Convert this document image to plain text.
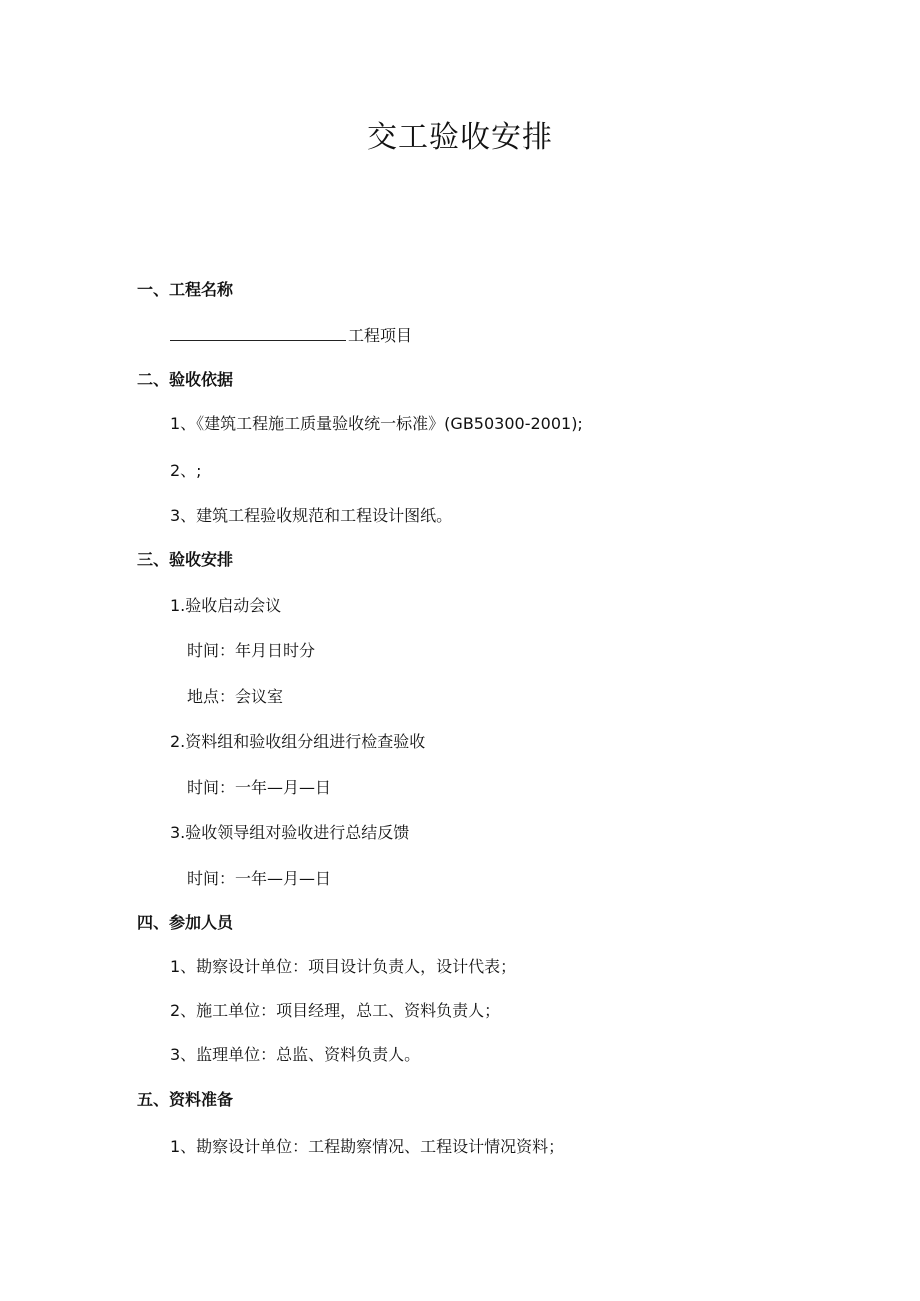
交工验收安排
一、工程名称
工程项目
二、验收依据
1、《建筑工程施工质量验收统一标准》(GB50300-2001);
2、;
3、建筑工程验收规范和工程设计图纸。
三、验收安排
1.验收启动会议
时间：年月日时分
地点：会议室
2.资料组和验收组分组进行检查验收
时间：一年—月—日
3.验收领导组对验收进行总结反馈
时间：一年—月—日
四、参加人员
1、勘察设计单位：项目设计负责人，设计代表；
2、施工单位：项目经理，总工、资料负责人；
3、监理单位：总监、资料负责人。
五、资料准备
1、勘察设计单位：工程勘察情况、工程设计情况资料；
